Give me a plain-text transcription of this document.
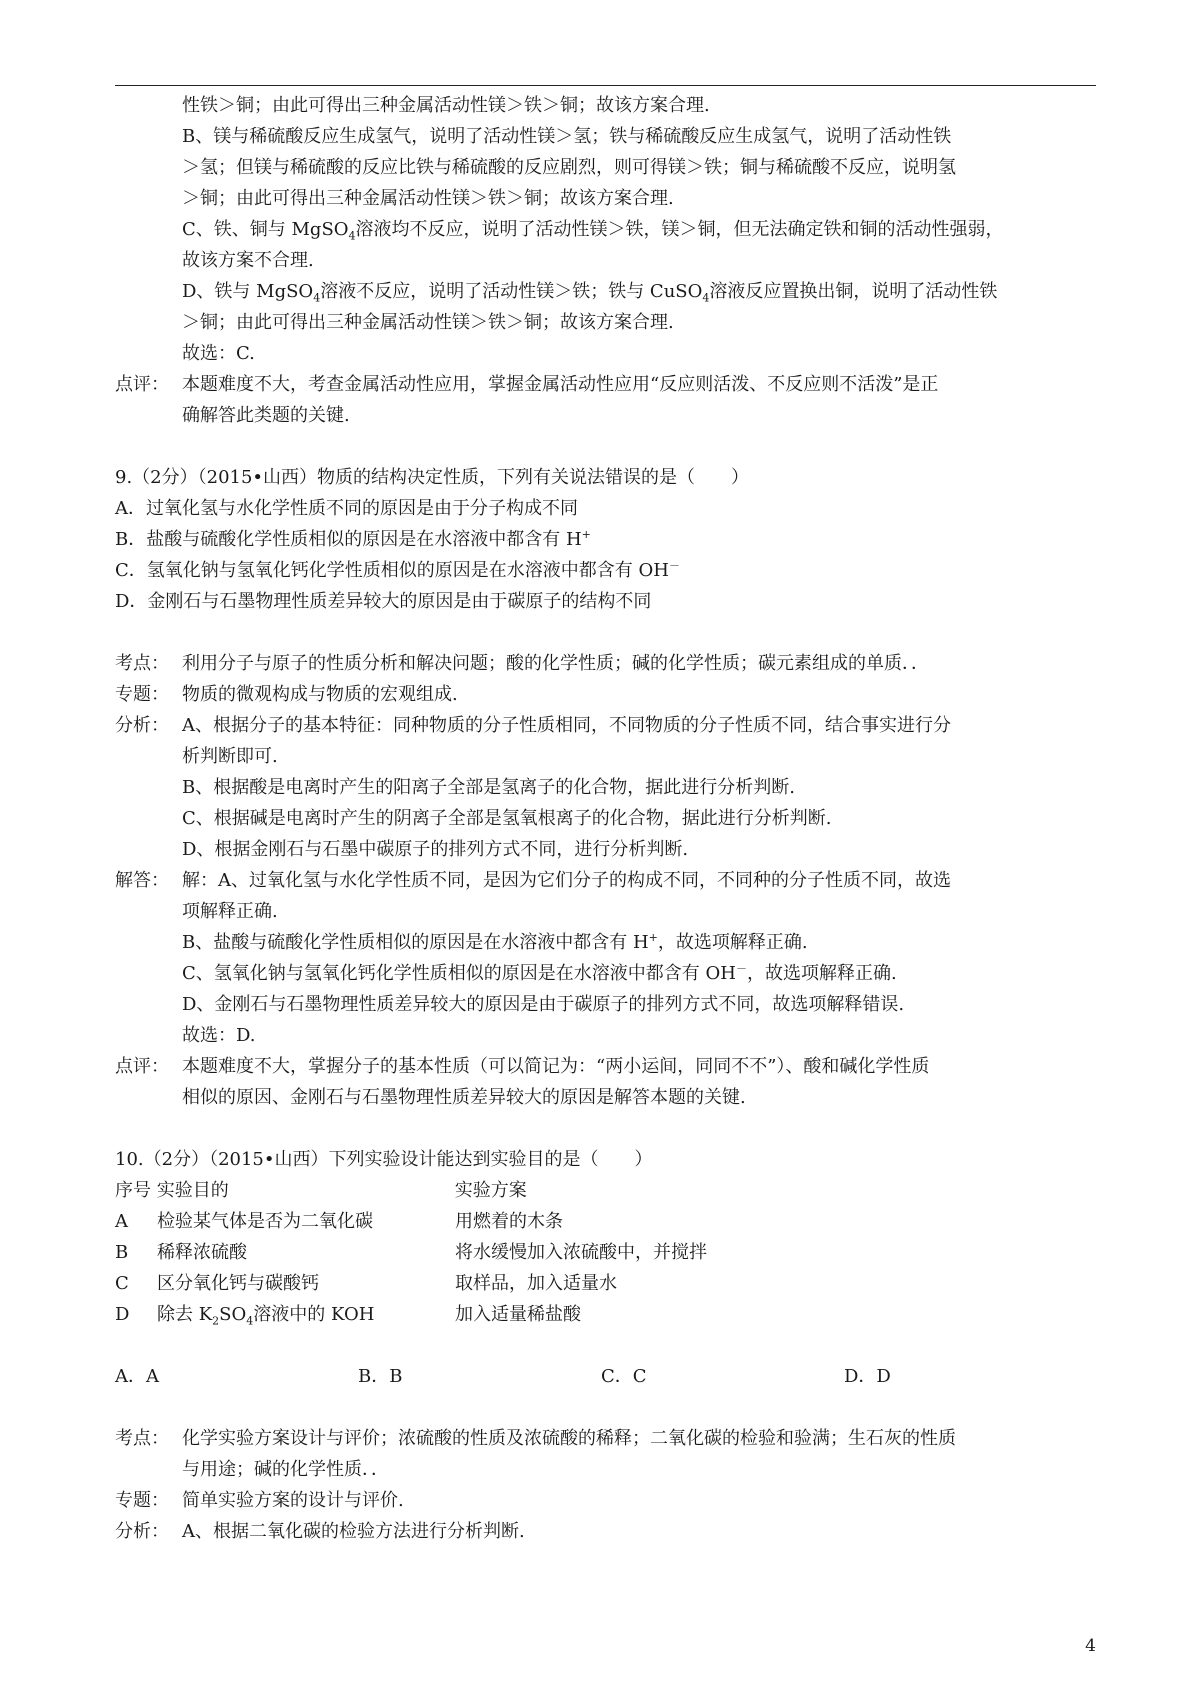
性铁＞铜；由此可得出三种金属活动性镁＞铁＞铜；故该方案合理.
B、镁与稀硫酸反应生成氢气，说明了活动性镁＞氢；铁与稀硫酸反应生成氢气，说明了活动性铁
＞氢；但镁与稀硫酸的反应比铁与稀硫酸的反应剧烈，则可得镁＞铁；铜与稀硫酸不反应，说明氢
＞铜；由此可得出三种金属活动性镁＞铁＞铜；故该方案合理.
C、铁、铜与 MgSO$_4$溶液均不反应，说明了活动性镁＞铁，镁＞铜，但无法确定铁和铜的活动性强弱，
故该方案不合理.
D、铁与 MgSO$_4$溶液不反应，说明了活动性镁＞铁；铁与 CuSO$_4$溶液反应置换出铜，说明了活动性铁
＞铜；由此可得出三种金属活动性镁＞铁＞铜；故该方案合理.
故选：C.
点评： 本题难度不大，考查金属活动性应用，掌握金属活动性应用“反应则活泼、不反应则不活泼”是正
确解答此类题的关键.
9.（2分）（2015•山西）物质的结构决定性质，下列有关说法错误的是（　　）
A．过氧化氢与水化学性质不同的原因是由于分子构成不同
B．盐酸与硫酸化学性质相似的原因是在水溶液中都含有 H+
C．氢氧化钠与氢氧化钙化学性质相似的原因是在水溶液中都含有 OH－
D．金刚石与石墨物理性质差异较大的原因是由于碳原子的结构不同
考点： 利用分子与原子的性质分析和解决问题；酸的化学性质；碱的化学性质；碳元素组成的单质．．
专题： 物质的微观构成与物质的宏观组成.
分析： A、根据分子的基本特征：同种物质的分子性质相同，不同物质的分子性质不同，结合事实进行分
析判断即可.
B、根据酸是电离时产生的阳离子全部是氢离子的化合物，据此进行分析判断.
C、根据碱是电离时产生的阴离子全部是氢氧根离子的化合物，据此进行分析判断.
D、根据金刚石与石墨中碳原子的排列方式不同，进行分析判断.
解答： 解：A、过氧化氢与水化学性质不同，是因为它们分子的构成不同，不同种的分子性质不同，故选
项解释正确.
B、盐酸与硫酸化学性质相似的原因是在水溶液中都含有 H+，故选项解释正确.
C、氢氧化钠与氢氧化钙化学性质相似的原因是在水溶液中都含有 OH－，故选项解释正确.
D、金刚石与石墨物理性质差异较大的原因是由于碳原子的排列方式不同，故选项解释错误.
故选：D.
点评： 本题难度不大，掌握分子的基本性质（可以简记为：“两小运间，同同不不”）、酸和碱化学性质
相似的原因、金刚石与石墨物理性质差异较大的原因是解答本题的关键.
10.（2分）（2015•山西）下列实验设计能达到实验目的是（　　）
序号 实验目的	实验方案
A 检验某气体是否为二氧化碳	用燃着的木条
B 稀释浓硫酸	将水缓慢加入浓硫酸中，并搅拌
C 区分氧化钙与碳酸钙	取样品，加入适量水
D 除去 $K_2SO_4$溶液中的 KOH	加入适量稀盐酸
A．A	B．B	C．C	D．D
考点： 化学实验方案设计与评价；浓硫酸的性质及浓硫酸的稀释；二氧化碳的检验和验满；生石灰的性质
与用途；碱的化学性质．．
专题： 简单实验方案的设计与评价.
分析： A、根据二氧化碳的检验方法进行分析判断.
4
